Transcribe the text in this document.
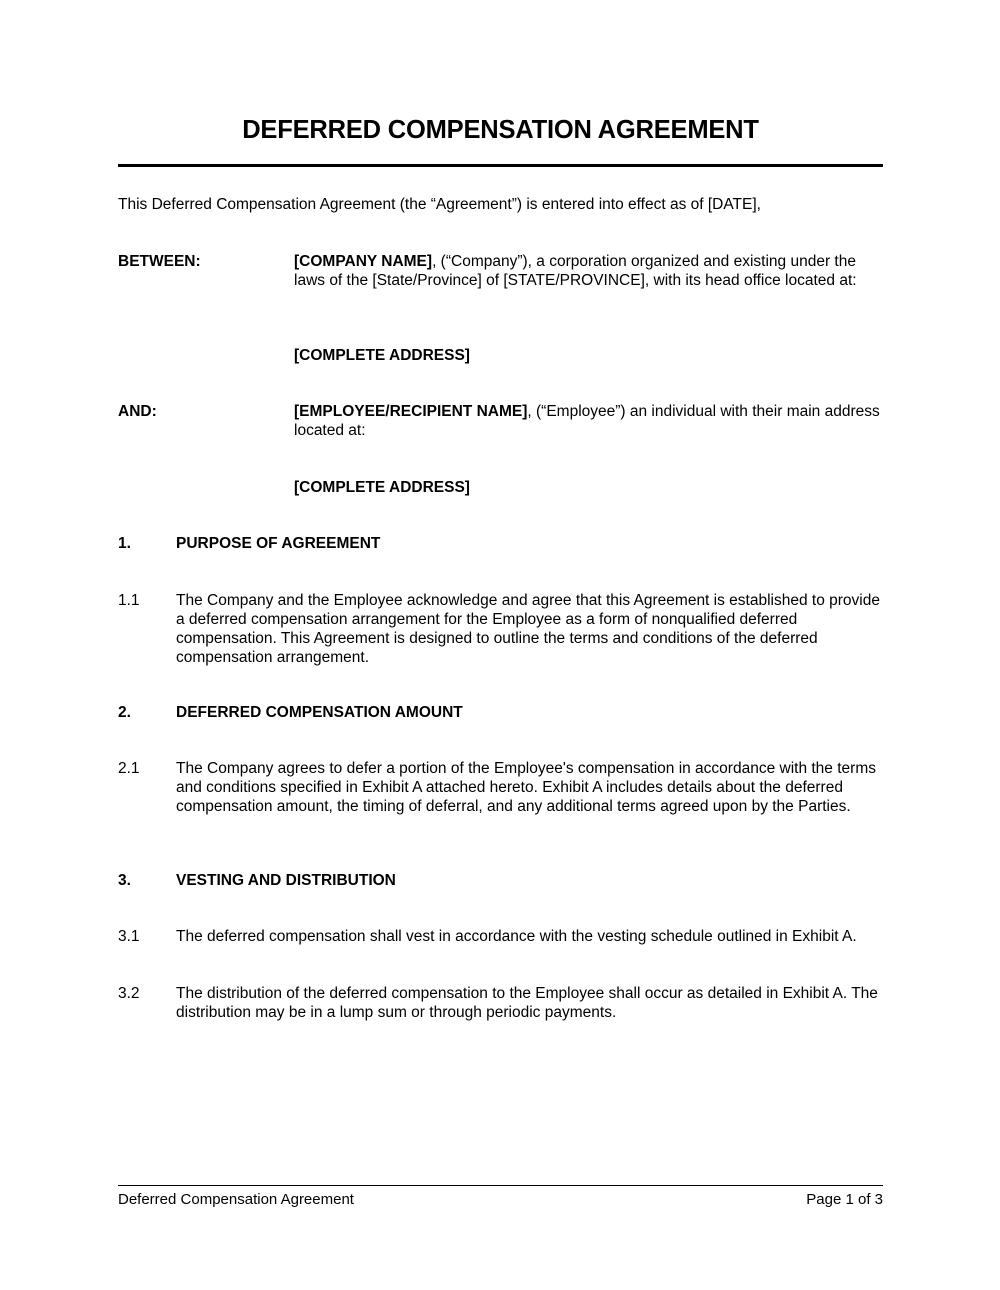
DEFERRED COMPENSATION AGREEMENT
This Deferred Compensation Agreement (the “Agreement”) is entered into effect as of [DATE],
BETWEEN:	[COMPANY NAME], (“Company”), a corporation organized and existing under the laws of the [State/Province] of [STATE/PROVINCE], with its head office located at:
[COMPLETE ADDRESS]
AND:	[EMPLOYEE/RECIPIENT NAME], (“Employee”) an individual with their main address located at:
[COMPLETE ADDRESS]
1.	PURPOSE OF AGREEMENT
1.1 The Company and the Employee acknowledge and agree that this Agreement is established to provide a deferred compensation arrangement for the Employee as a form of nonqualified deferred compensation. This Agreement is designed to outline the terms and conditions of the deferred compensation arrangement.
2.	DEFERRED COMPENSATION AMOUNT
2.1 The Company agrees to defer a portion of the Employee's compensation in accordance with the terms and conditions specified in Exhibit A attached hereto. Exhibit A includes details about the deferred compensation amount, the timing of deferral, and any additional terms agreed upon by the Parties.
3.	VESTING AND DISTRIBUTION
3.1 The deferred compensation shall vest in accordance with the vesting schedule outlined in Exhibit A.
3.2 The distribution of the deferred compensation to the Employee shall occur as detailed in Exhibit A. The distribution may be in a lump sum or through periodic payments.
Deferred Compensation Agreement	Page 1 of 3
